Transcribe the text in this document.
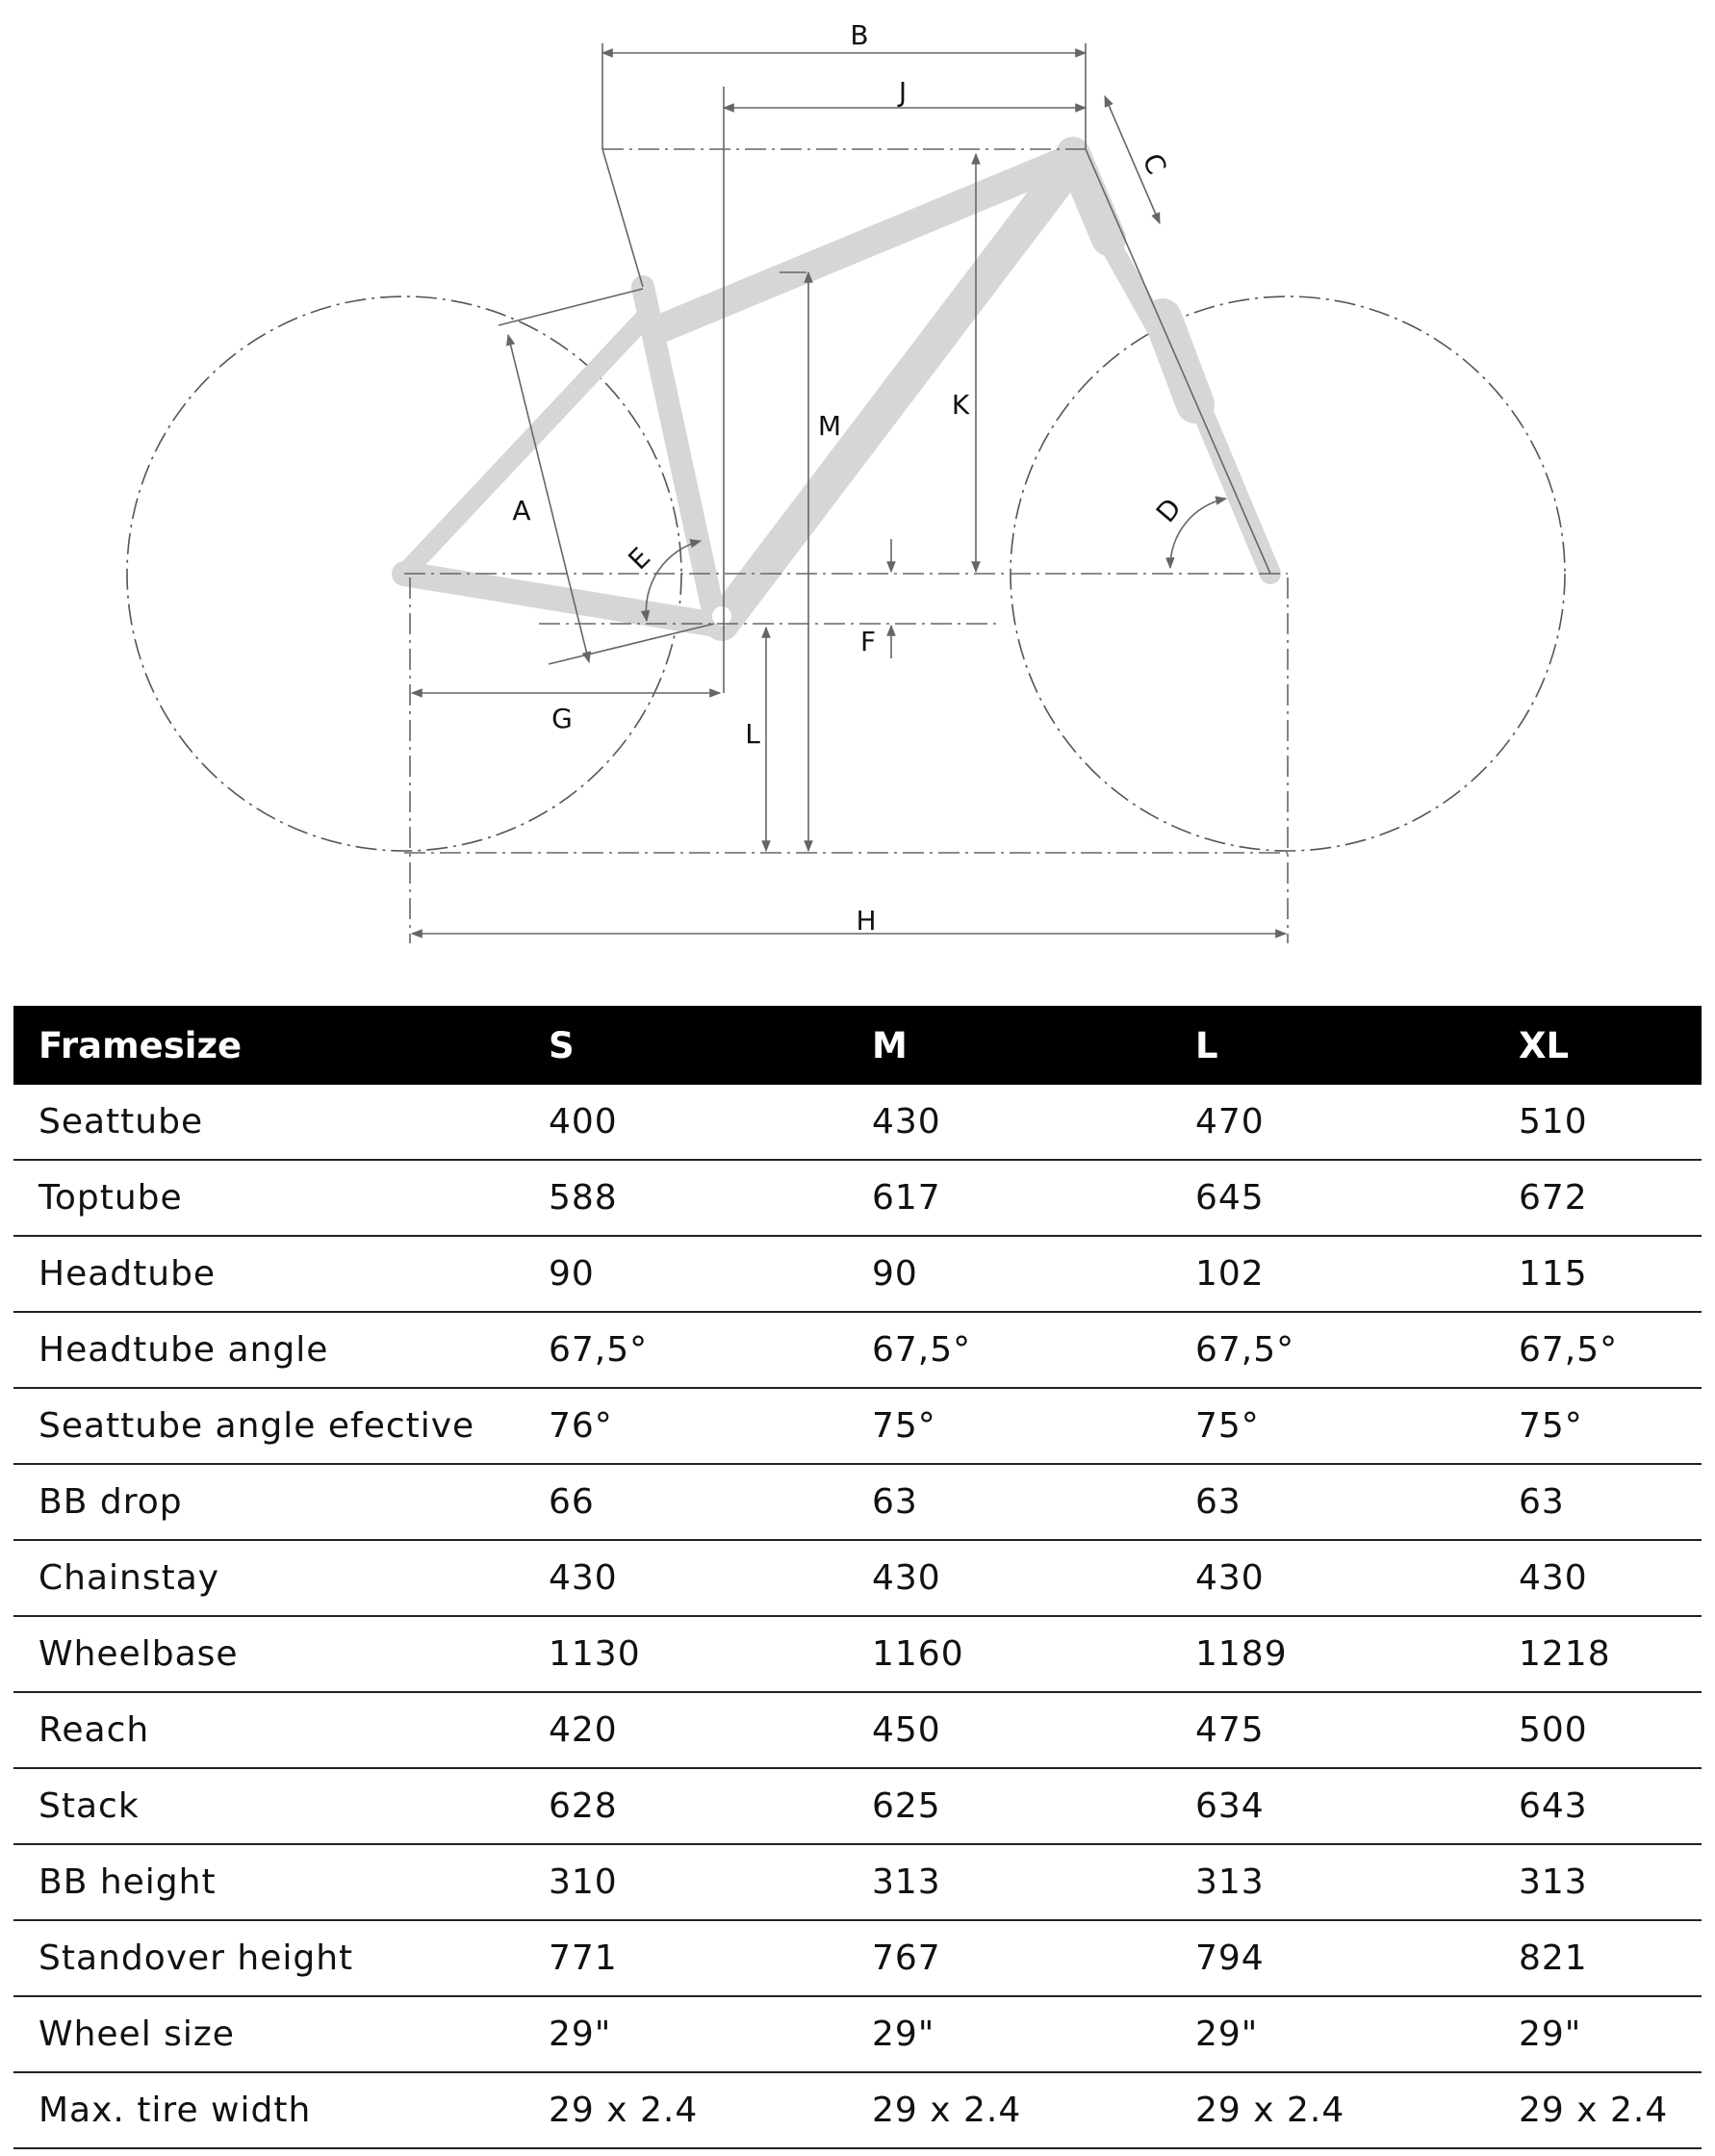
B
J
C
A
M
K
E
D
F
G	L
H
Framesize	S	M	L	XL
Seattube	400	430	470	510
Toptube	588	617	645	672
Headtube	90	90	102	115
Headtube angle	67,5°	67,5°	67,5°	67,5°
Seattube angle efective	76°	75°	75°	75°
BB drop	66	63	63	63
Chainstay	430	430	430	430
Wheelbase	1130	1160	1189	1218
Reach	420	450	475	500
Stack	628	625	634	643
BB height	310	313	313	313
Standover height	771	767	794	821
Wheel size	29"	29"	29"	29"
Max. tire width	29 x 2.4	29 x 2.4	29 x 2.4	29 x 2.4
